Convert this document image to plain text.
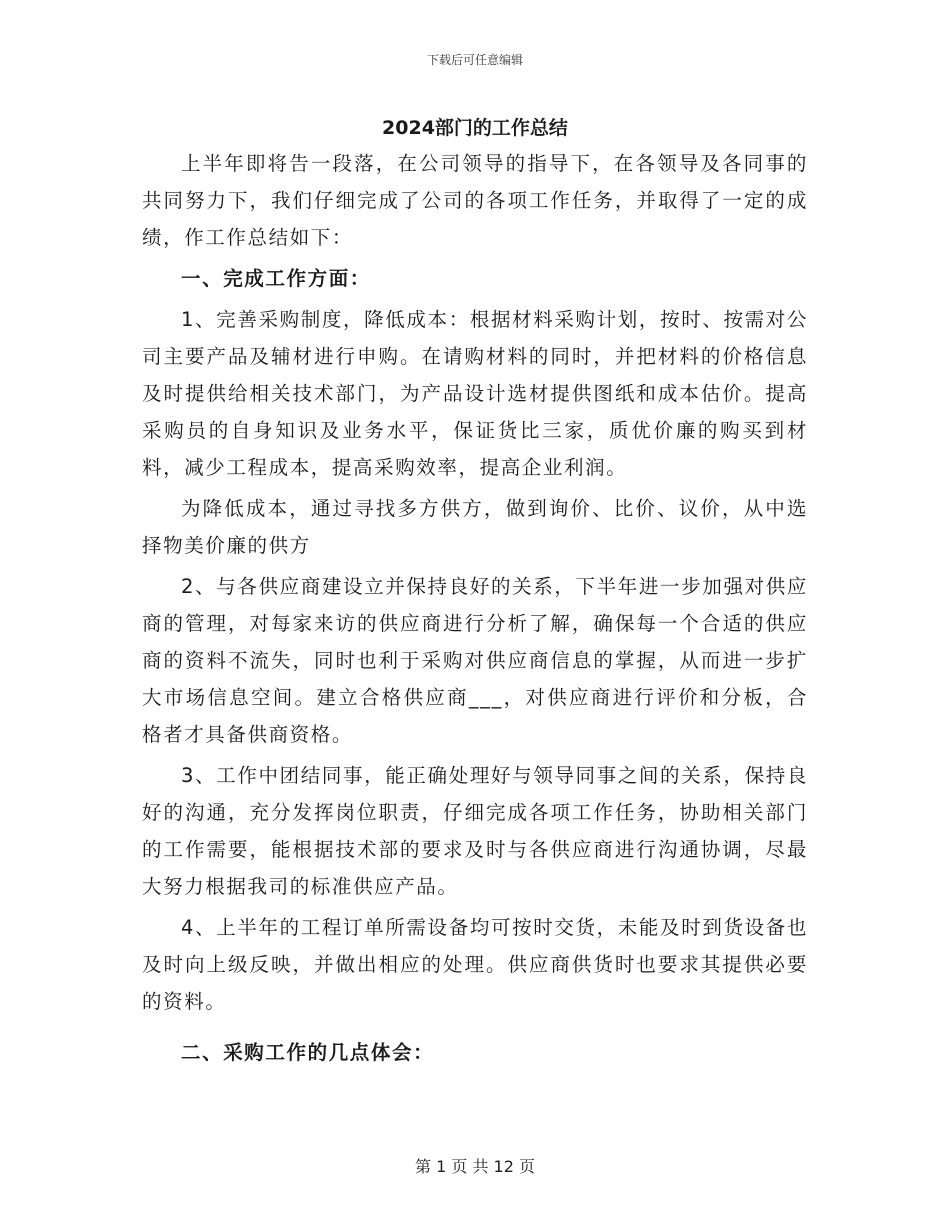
下载后可任意编辑
2024部门的工作总结

上半年即将告一段落，在公司领导的指导下，在各领导及各同事的共同努力下，我们仔细完成了公司的各项工作任务，并取得了一定的成绩，作工作总结如下：

一、完成工作方面：

1、完善采购制度，降低成本：根据材料采购计划，按时、按需对公司主要产品及辅材进行申购。在请购材料的同时，并把材料的价格信息及时提供给相关技术部门，为产品设计选材提供图纸和成本估价。提高采购员的自身知识及业务水平，保证货比三家，质优价廉的购买到材料，减少工程成本，提高采购效率，提高企业利润。

为降低成本，通过寻找多方供方，做到询价、比价、议价，从中选择物美价廉的供方

2、与各供应商建设立并保持良好的关系，下半年进一步加强对供应商的管理，对每家来访的供应商进行分析了解，确保每一个合适的供应商的资料不流失，同时也利于采购对供应商信息的掌握，从而进一步扩大市场信息空间。建立合格供应商___，对供应商进行评价和分板，合格者才具备供商资格。

3、工作中团结同事，能正确处理好与领导同事之间的关系，保持良好的沟通，充分发挥岗位职责，仔细完成各项工作任务，协助相关部门的工作需要，能根据技术部的要求及时与各供应商进行沟通协调，尽最大努力根据我司的标准供应产品。

4、上半年的工程订单所需设备均可按时交货，未能及时到货设备也及时向上级反映，并做出相应的处理。供应商供货时也要求其提供必要的资料。

二、采购工作的几点体会：

第 1 页 共 12 页
